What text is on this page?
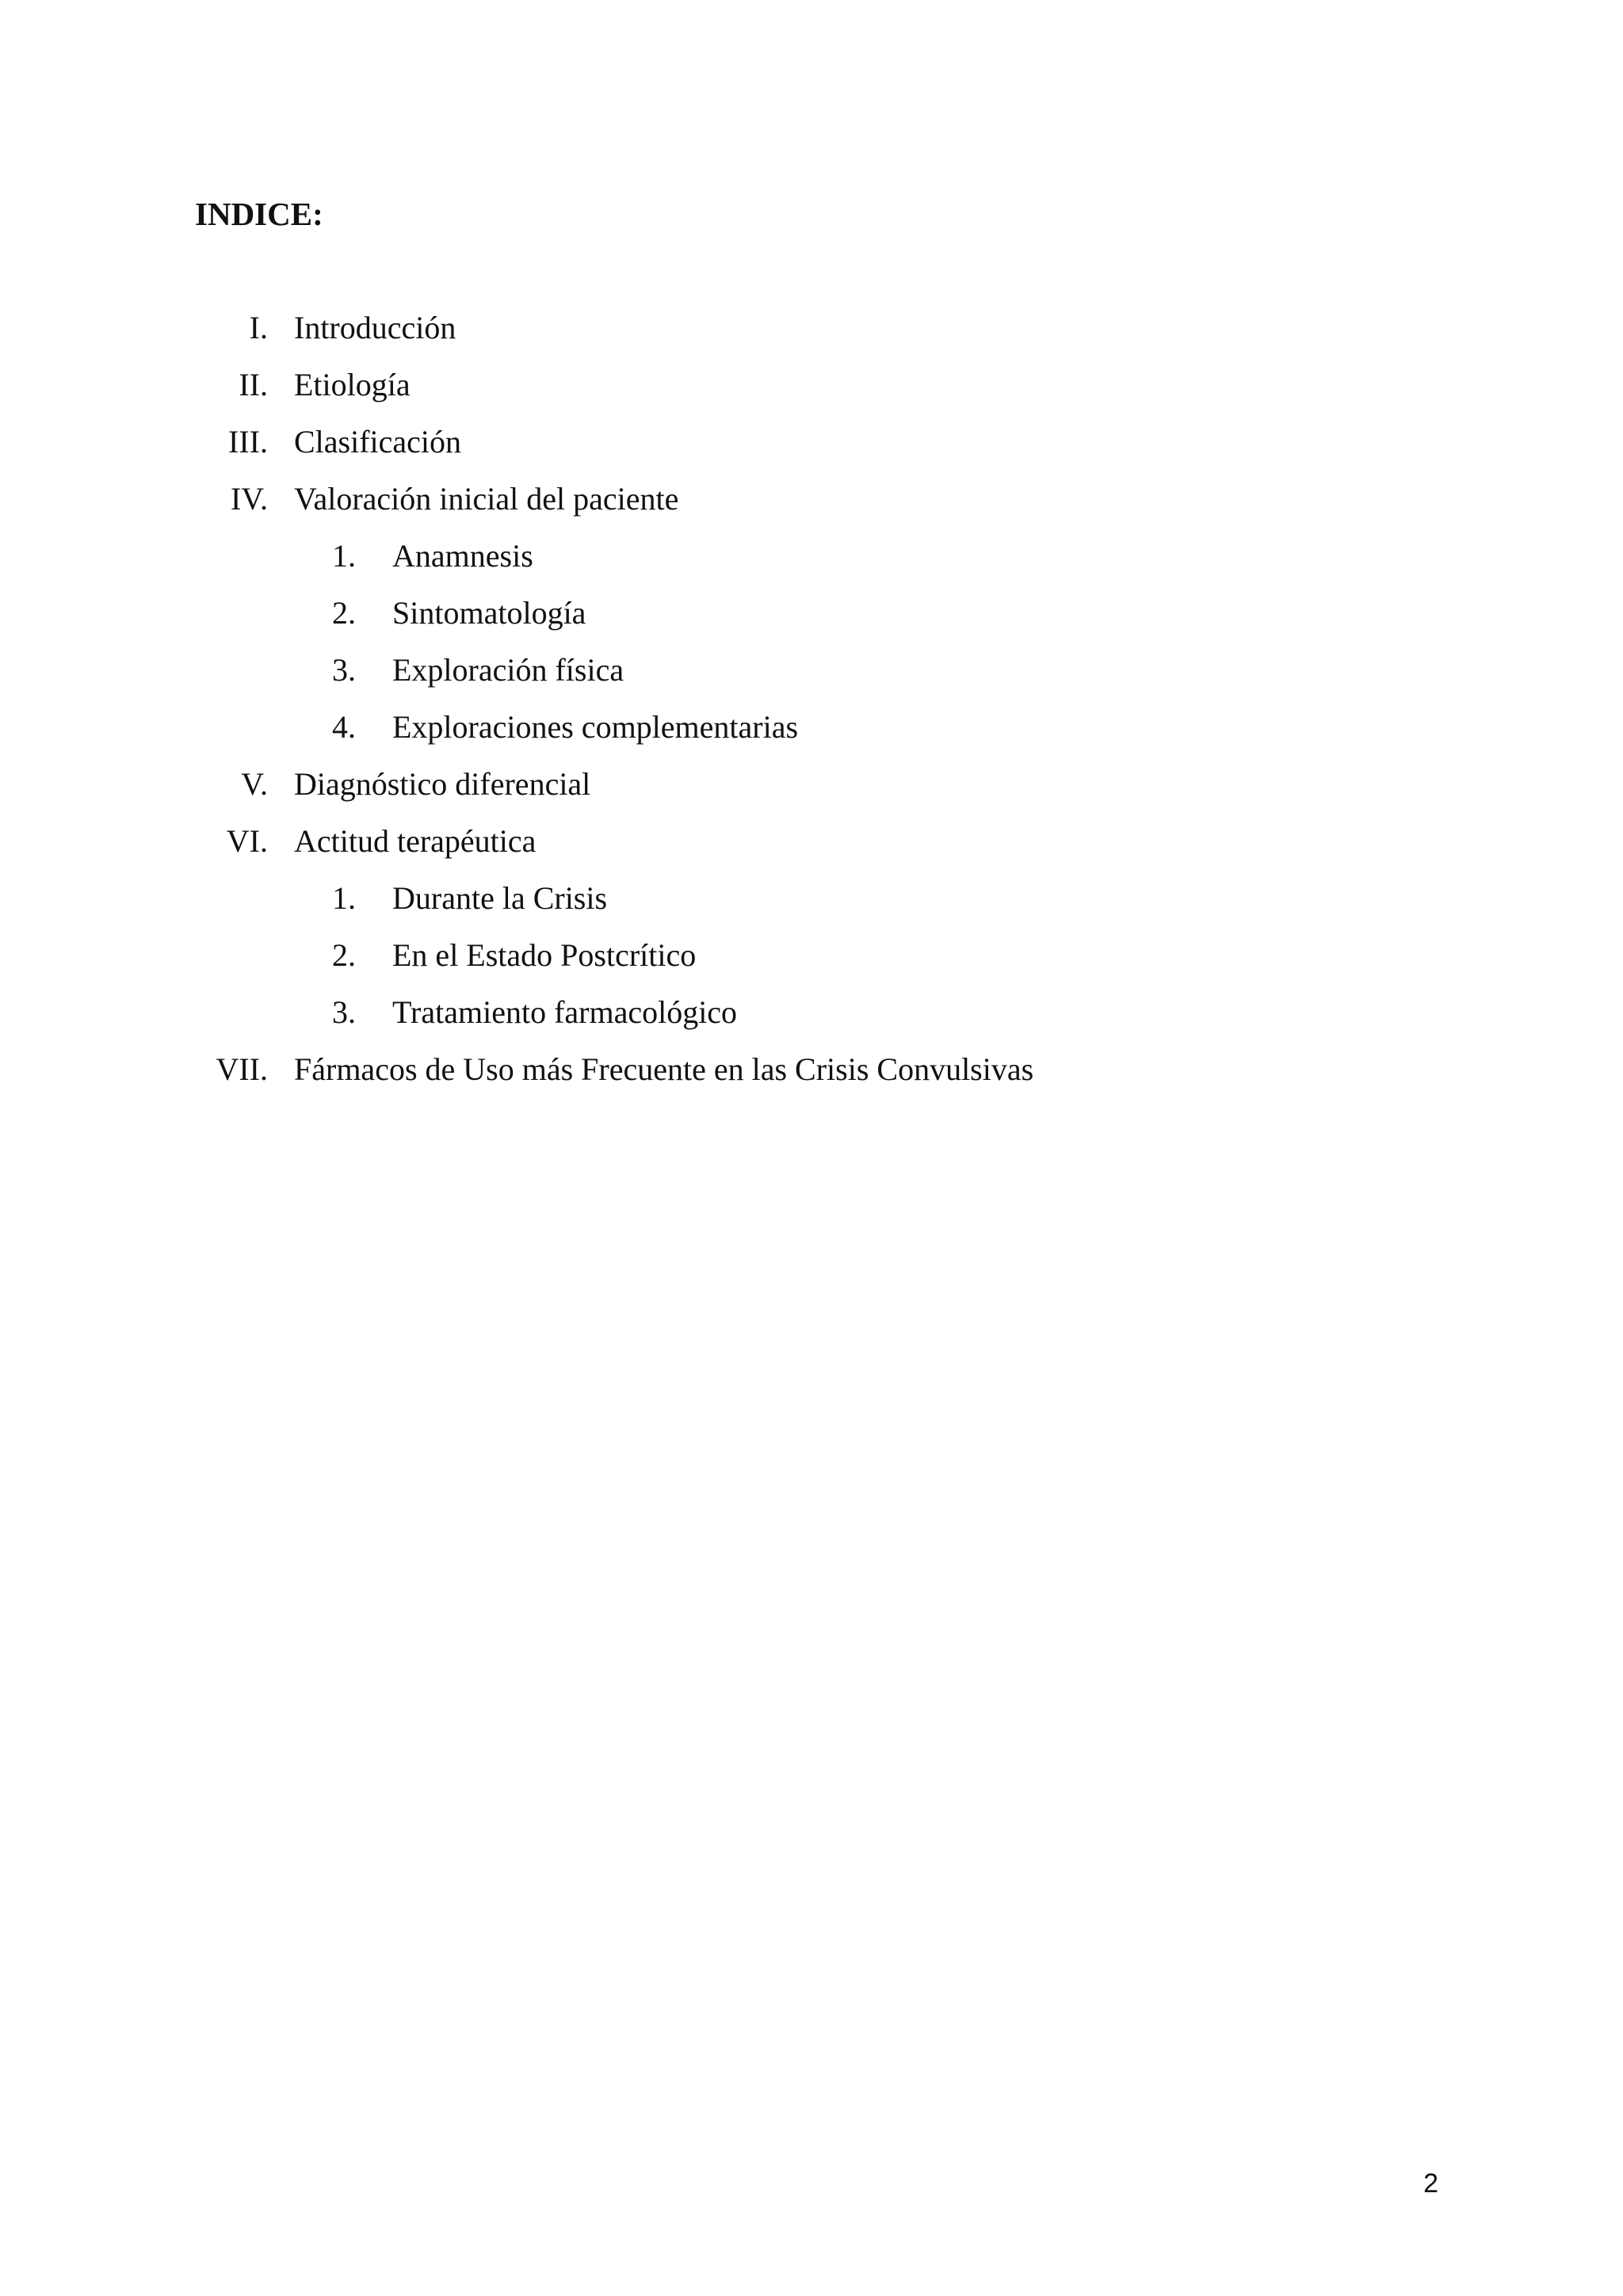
INDICE:
I. Introducción
II. Etiología
III. Clasificación
IV. Valoración inicial del paciente
1. Anamnesis
2. Sintomatología
3. Exploración física
4. Exploraciones complementarias
V. Diagnóstico diferencial
VI. Actitud terapéutica
1. Durante la Crisis
2. En el Estado Postcrítico
3. Tratamiento farmacológico
VII. Fármacos de Uso más Frecuente en las Crisis Convulsivas
2
